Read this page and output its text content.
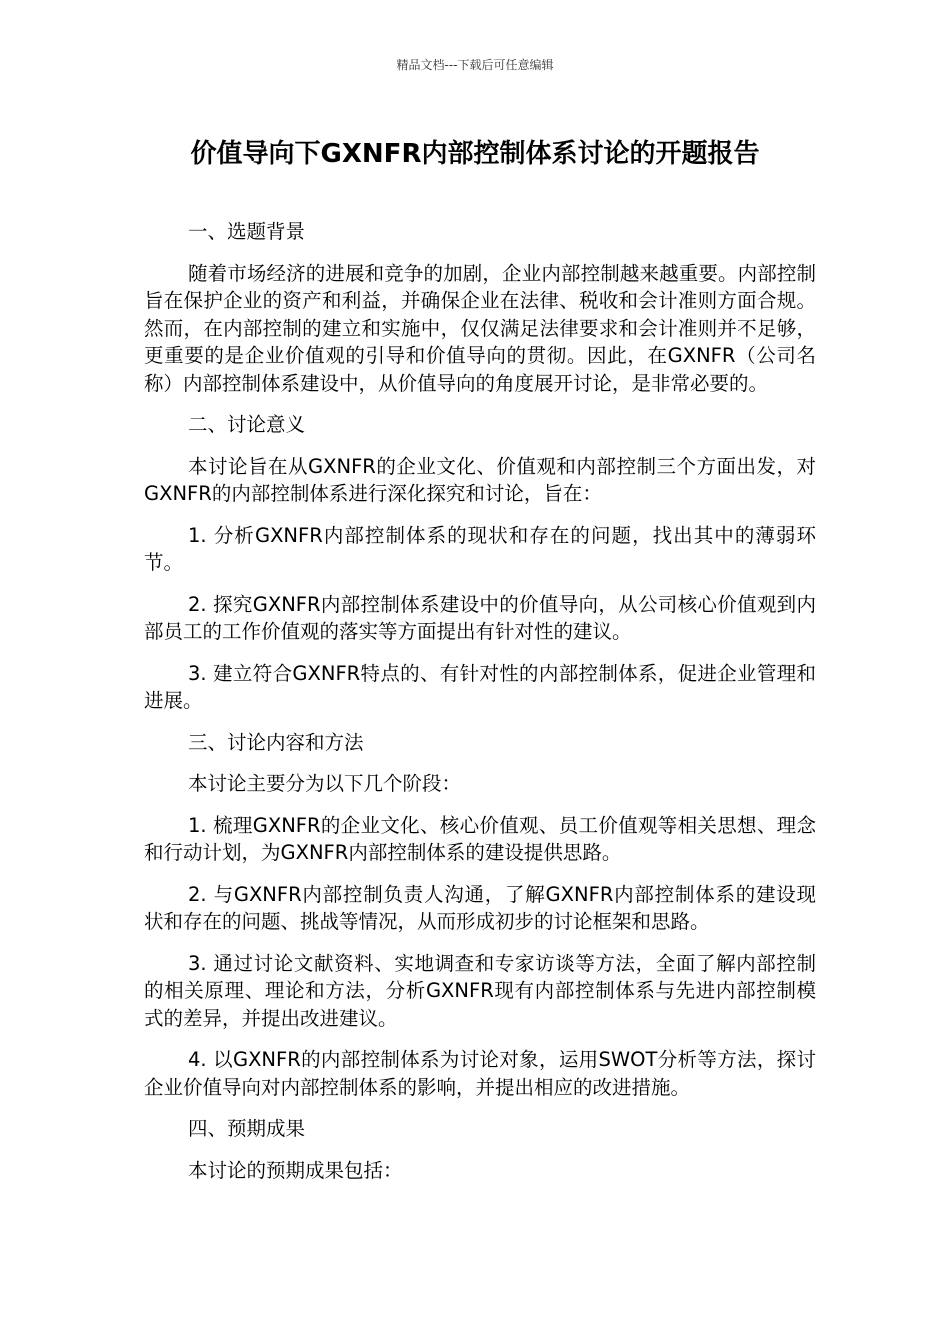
精品文档---下载后可任意编辑
价值导向下GXNFR内部控制体系讨论的开题报告

一、选题背景

随着市场经济的进展和竞争的加剧，企业内部控制越来越重要。内部控制旨在保护企业的资产和利益，并确保企业在法律、税收和会计准则方面合规。然而，在内部控制的建立和实施中，仅仅满足法律要求和会计准则并不足够，更重要的是企业价值观的引导和价值导向的贯彻。因此，在GXNFR（公司名称）内部控制体系建设中，从价值导向的角度展开讨论，是非常必要的。

二、讨论意义

本讨论旨在从GXNFR的企业文化、价值观和内部控制三个方面出发，对GXNFR的内部控制体系进行深化探究和讨论，旨在：

1. 分析GXNFR内部控制体系的现状和存在的问题，找出其中的薄弱环节。

2. 探究GXNFR内部控制体系建设中的价值导向，从公司核心价值观到内部员工的工作价值观的落实等方面提出有针对性的建议。

3. 建立符合GXNFR特点的、有针对性的内部控制体系，促进企业管理和进展。

三、讨论内容和方法

本讨论主要分为以下几个阶段：

1. 梳理GXNFR的企业文化、核心价值观、员工价值观等相关思想、理念和行动计划，为GXNFR内部控制体系的建设提供思路。

2. 与GXNFR内部控制负责人沟通，了解GXNFR内部控制体系的建设现状和存在的问题、挑战等情况，从而形成初步的讨论框架和思路。

3. 通过讨论文献资料、实地调查和专家访谈等方法，全面了解内部控制的相关原理、理论和方法，分析GXNFR现有内部控制体系与先进内部控制模式的差异，并提出改进建议。

4. 以GXNFR的内部控制体系为讨论对象，运用SWOT分析等方法，探讨企业价值导向对内部控制体系的影响，并提出相应的改进措施。

四、预期成果

本讨论的预期成果包括：
